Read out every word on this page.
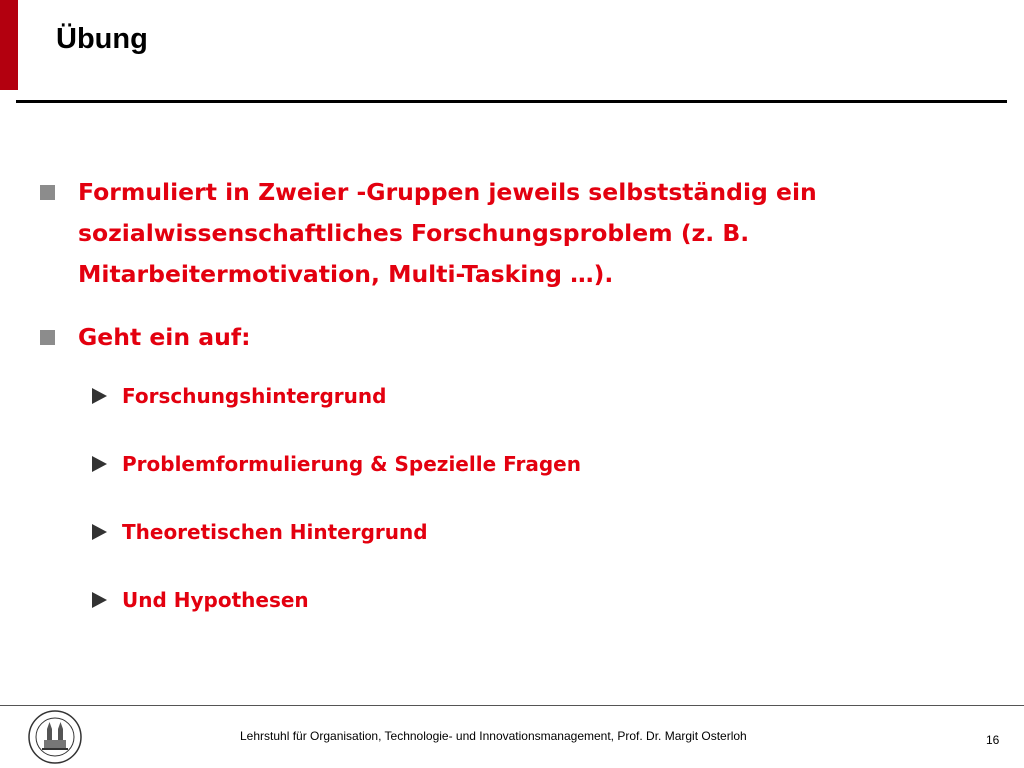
Übung
Formuliert in Zweier -Gruppen jeweils selbstständig ein sozialwissenschaftliches Forschungsproblem (z. B. Mitarbeitermotivation, Multi-Tasking …).
Geht ein auf:
Forschungshintergrund
Problemformulierung & Spezielle Fragen
Theoretischen Hintergrund
Und Hypothesen
Lehrstuhl für Organisation, Technologie- und Innovationsmanagement, Prof. Dr. Margit Osterloh	16
